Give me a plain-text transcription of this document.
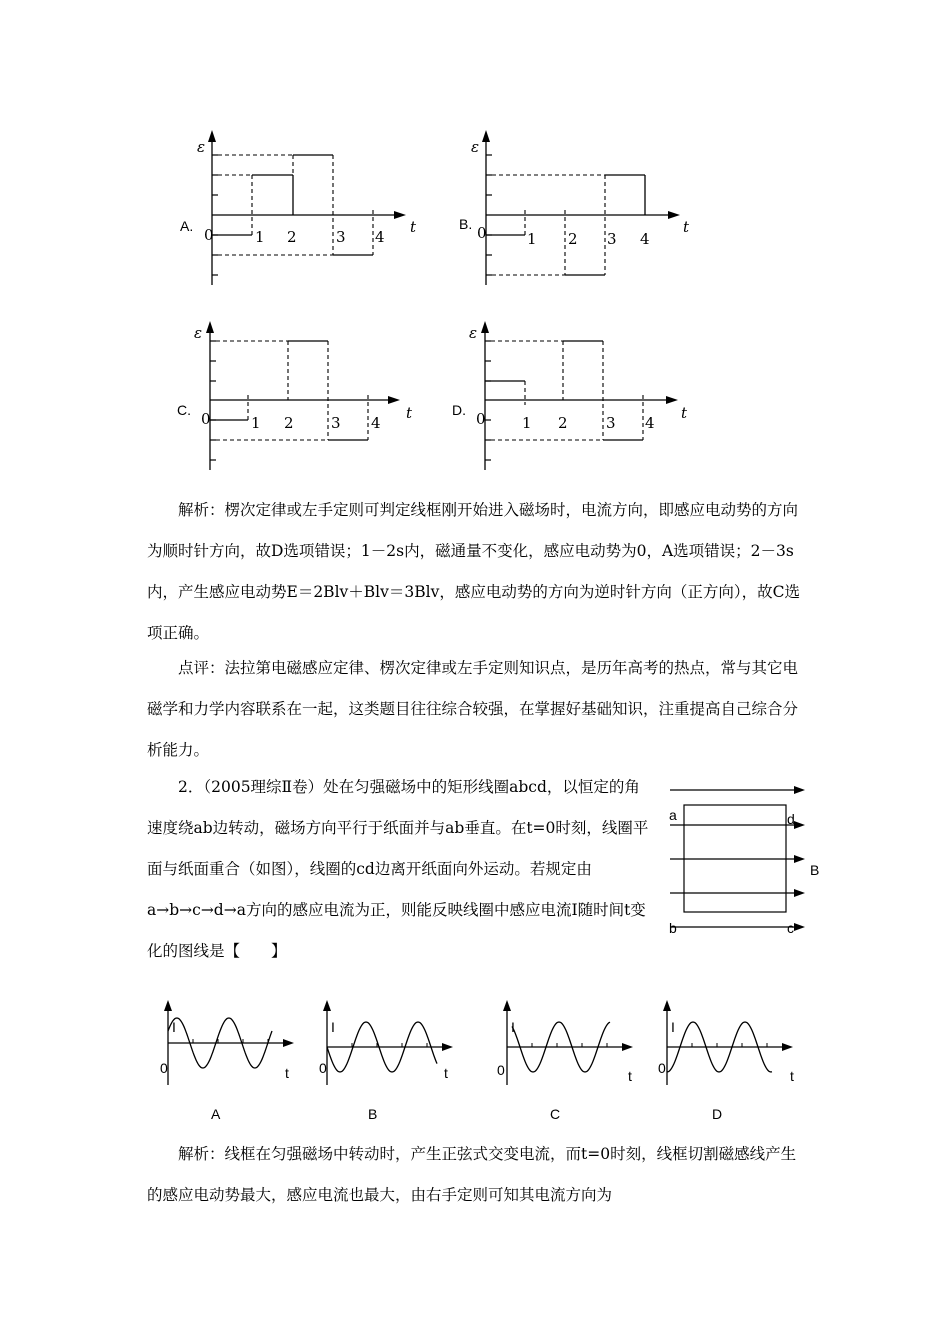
ε
t
0	1 2	3 4
A.
ε
t
0	1 2 3 4
B.
ε
t
0	1 2 3 4
C.
ε
t
0 1 2	3 4
D.

解析：楞次定律或左手定则可判定线框刚开始进入磁场时，电流方向，即感应电动势的方向为顺时针方向，故D选项错误；1－2s内，磁通量不变化，感应电动势为0，A选项错误；2－3s内，产生感应电动势E＝2Blv＋Blv＝3Blv，感应电动势的方向为逆时针方向（正方向），故C选项正确。

点评：法拉第电磁感应定律、楞次定律或左手定则知识点，是历年高考的热点，常与其它电磁学和力学内容联系在一起，这类题目往往综合较强，在掌握好基础知识，注重提高自己综合分析能力。

2．（2005理综Ⅱ卷）处在匀强磁场中的矩形线圈abcd，以恒定的角速度绕ab边转动，磁场方向平行于纸面并与ab垂直。在t=0时刻，线圈平面与纸面重合（如图），线圈的cd边离开纸面向外运动。若规定由a→b→c→d→a方向的感应电流为正，则能反映线圈中感应电流I随时间t变化的图线是【　　】

a	d
b	c
B
I
0	t
A
I
0	t
B
I
0	t
C
I
0	t
D

解析：线框在匀强磁场中转动时，产生正弦式交变电流，而t=0时刻，线框切割磁感线产生的感应电动势最大，感应电流也最大，由右手定则可知其电流方向为
